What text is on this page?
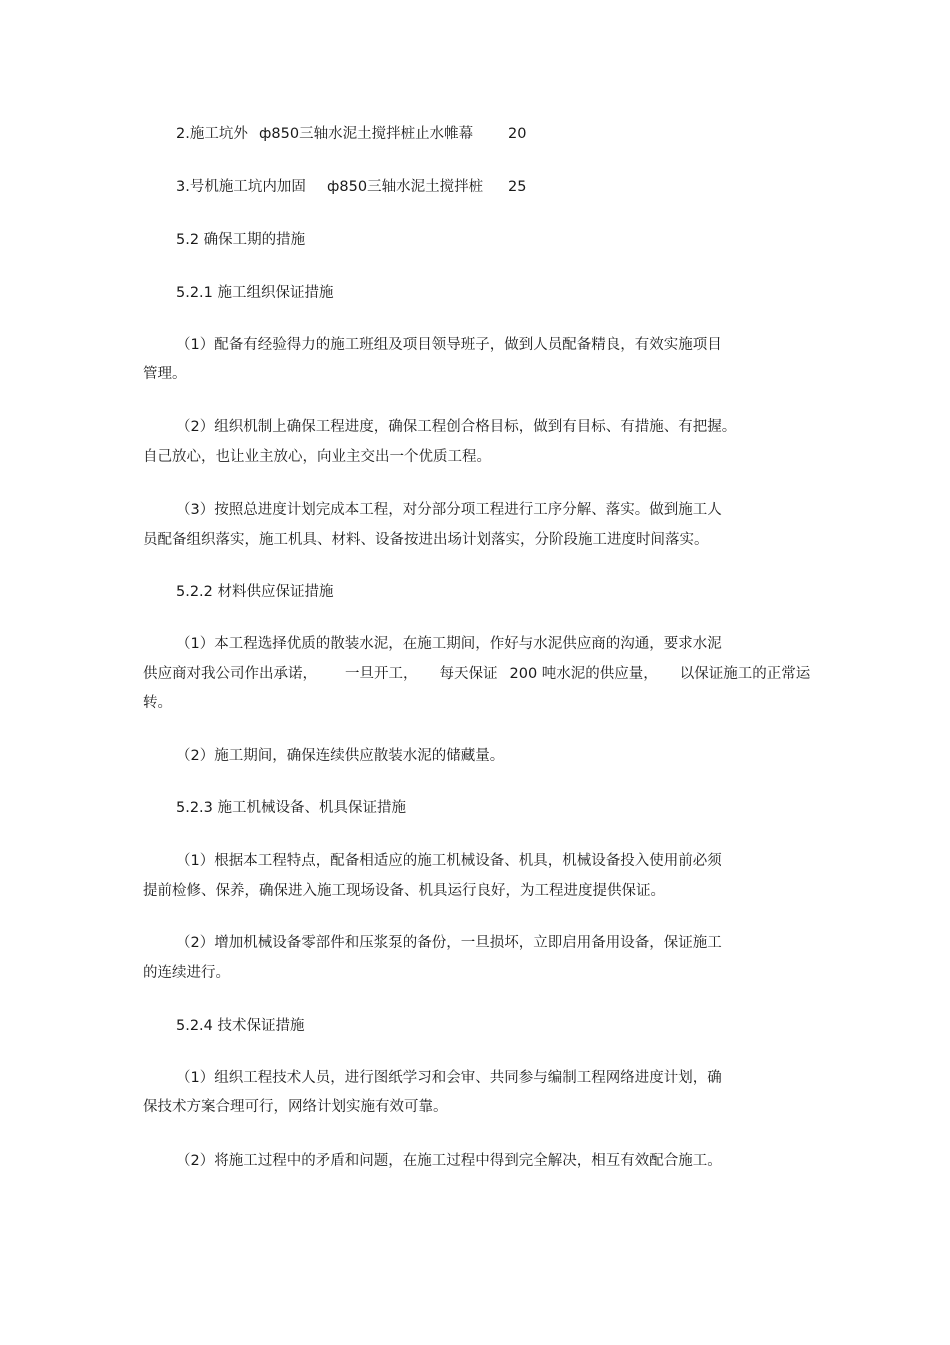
2.施工坑外 ф850三轴水泥土搅拌桩止水帷幕 20
3.号机施工坑内加固 ф850三轴水泥土搅拌桩 25
5.2 确保工期的措施
5.2.1 施工组织保证措施
（1）配备有经验得力的施工班组及项目领导班子，做到人员配备精良，有效实施项目
管理。
（2）组织机制上确保工程进度，确保工程创合格目标，做到有目标、有措施、有把握。
自己放心，也让业主放心，向业主交出一个优质工程。
（3）按照总进度计划完成本工程，对分部分项工程进行工序分解、落实。做到施工人
员配备组织落实，施工机具、材料、设备按进出场计划落实，分阶段施工进度时间落实。
5.2.2 材料供应保证措施
（1）本工程选择优质的散装水泥，在施工期间，作好与水泥供应商的沟通，要求水泥
供应商对我公司作出承诺， 一旦开工， 每天保证 200 吨水泥的供应量， 以保证施工的正常运
转。
（2）施工期间，确保连续供应散装水泥的储藏量。
5.2.3 施工机械设备、机具保证措施
（1）根据本工程特点，配备相适应的施工机械设备、机具，机械设备投入使用前必须
提前检修、保养，确保进入施工现场设备、机具运行良好，为工程进度提供保证。
（2）增加机械设备零部件和压浆泵的备份，一旦损坏，立即启用备用设备，保证施工
的连续进行。
5.2.4 技术保证措施
（1）组织工程技术人员，进行图纸学习和会审、共同参与编制工程网络进度计划，确
保技术方案合理可行，网络计划实施有效可靠。
（2）将施工过程中的矛盾和问题，在施工过程中得到完全解决，相互有效配合施工。
